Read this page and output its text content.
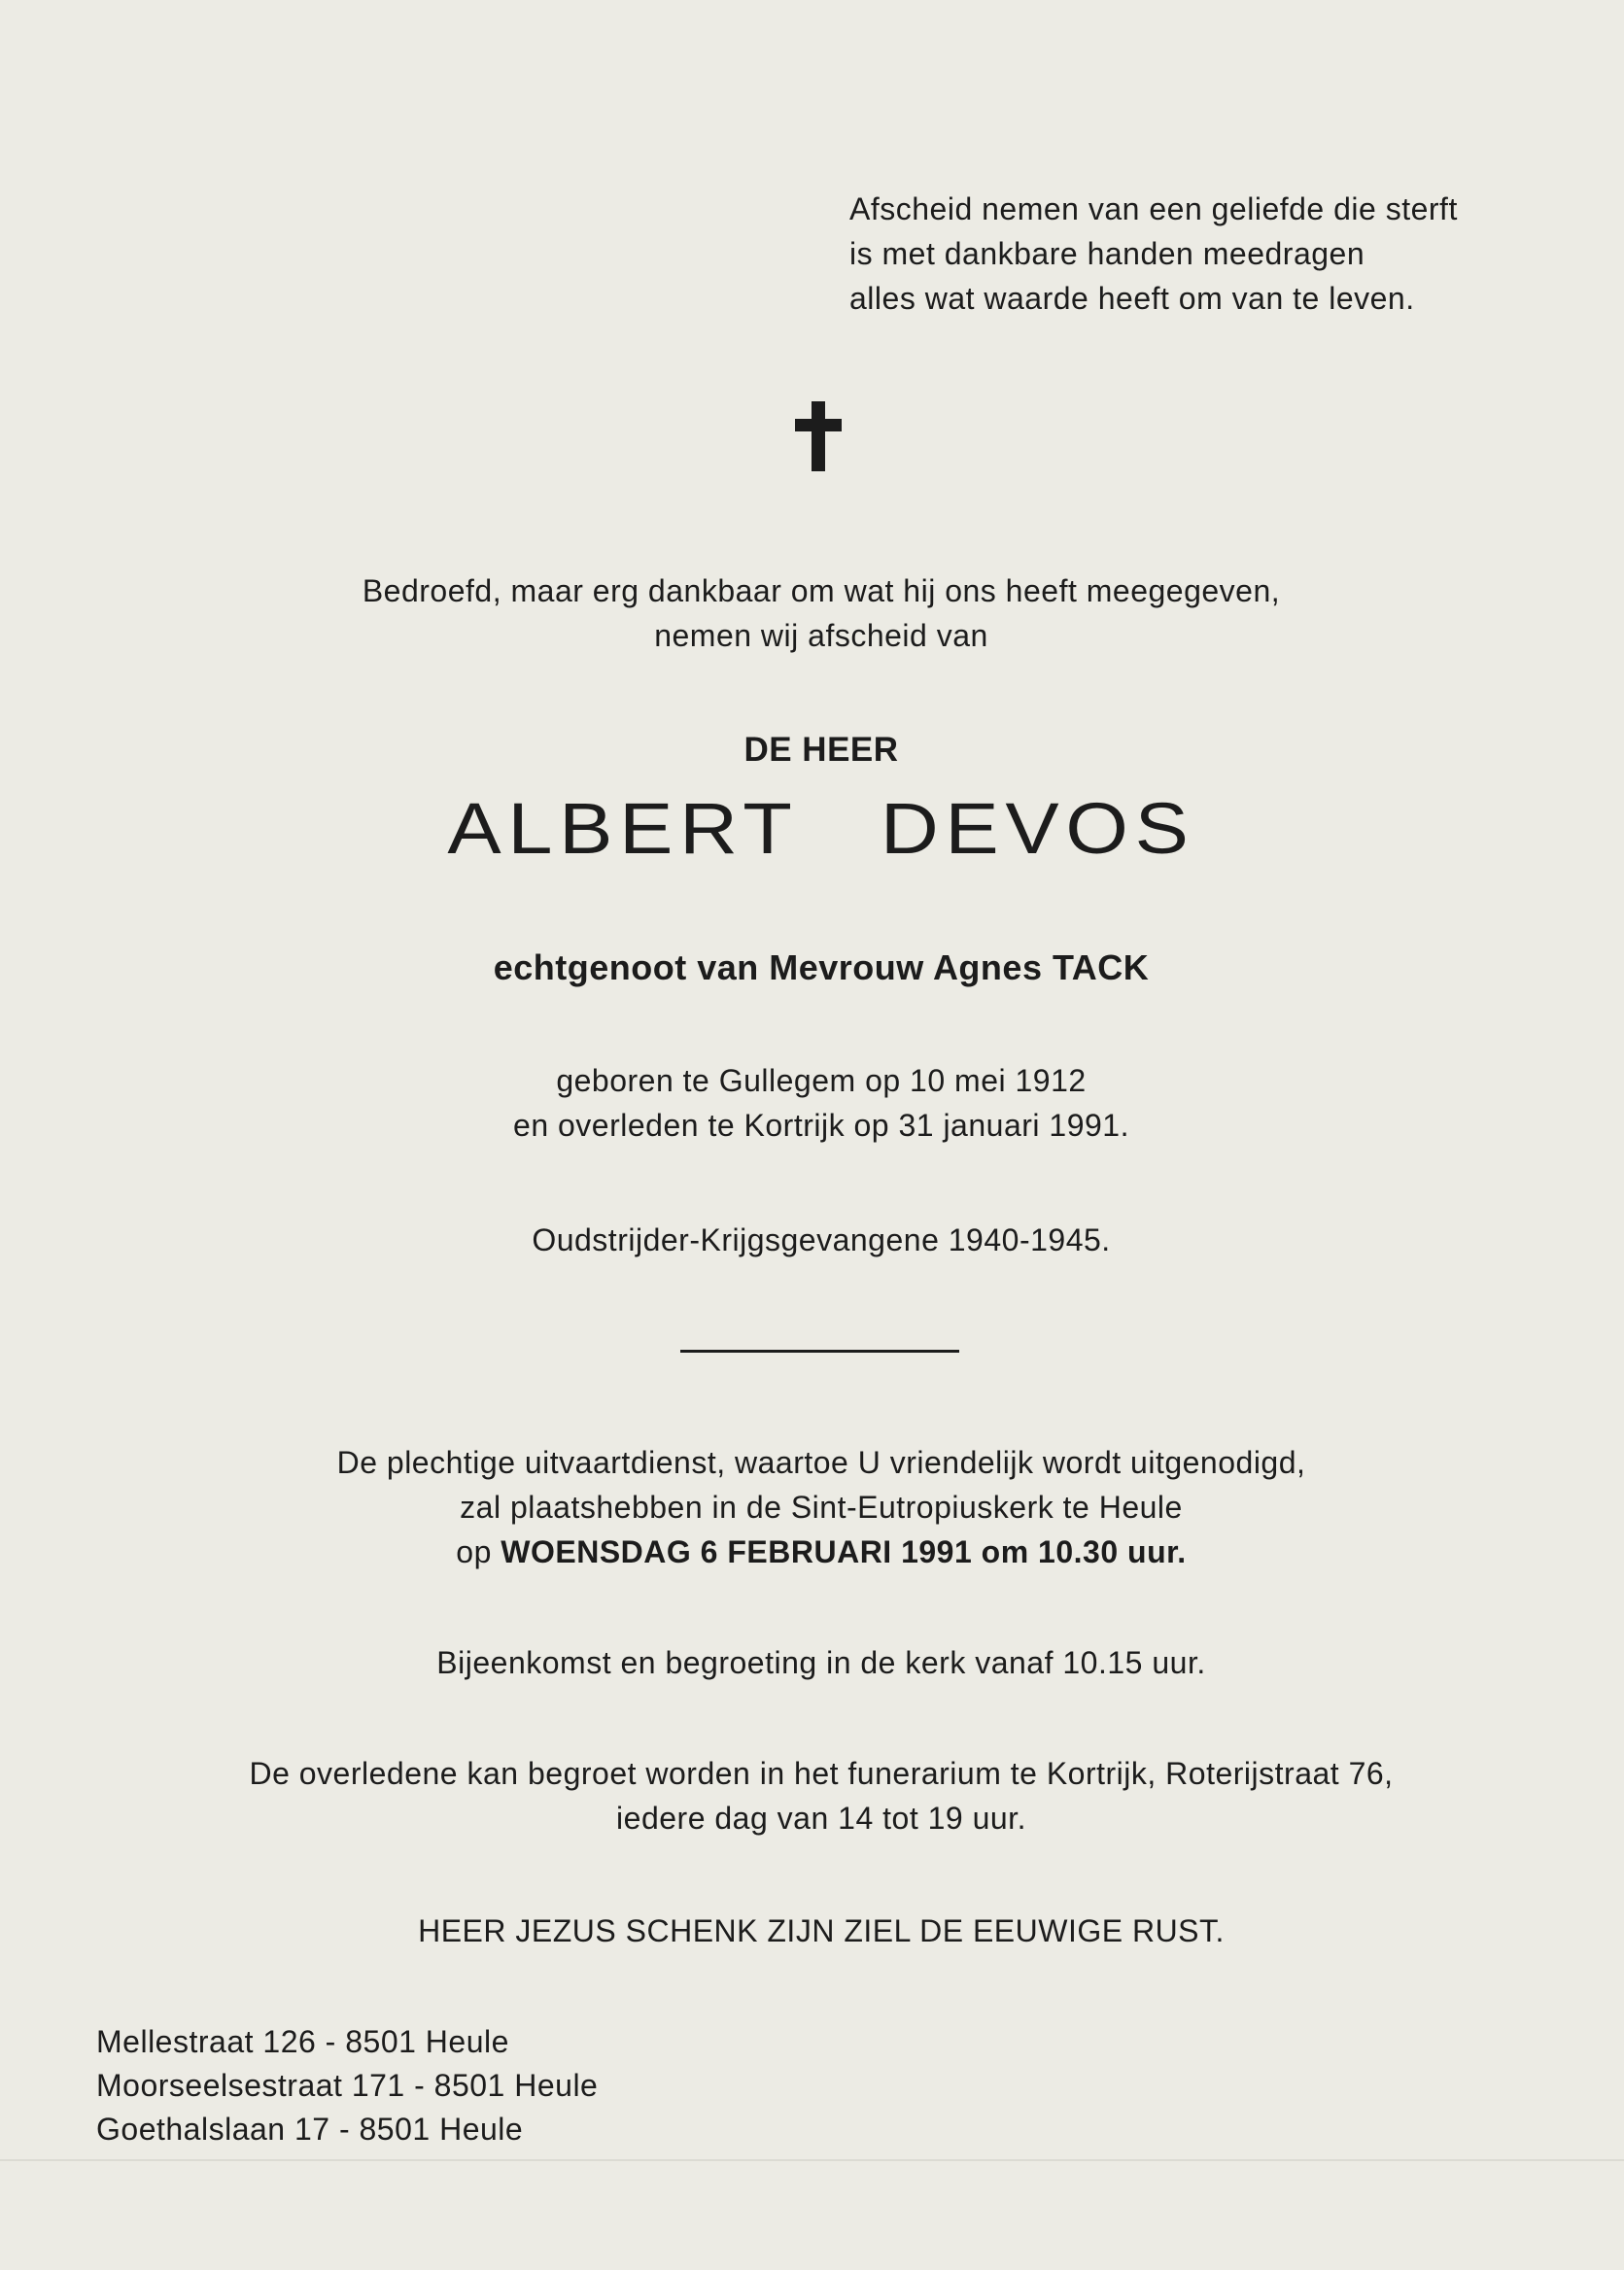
Afscheid nemen van een geliefde die sterft
is met dankbare handen meedragen
alles wat waarde heeft om van te leven.
Bedroefd, maar erg dankbaar om wat hij ons heeft meegegeven,
nemen wij afscheid van
DE HEER
ALBERT DEVOS
echtgenoot van Mevrouw Agnes TACK
geboren te Gullegem op 10 mei 1912
en overleden te Kortrijk op 31 januari 1991.
Oudstrijder-Krijgsgevangene 1940-1945.
De plechtige uitvaartdienst, waartoe U vriendelijk wordt uitgenodigd,
zal plaatshebben in de Sint-Eutropiuskerk te Heule
op WOENSDAG 6 FEBRUARI 1991 om 10.30 uur.
Bijeenkomst en begroeting in de kerk vanaf 10.15 uur.
De overledene kan begroet worden in het funerarium te Kortrijk, Roterijstraat 76,
iedere dag van 14 tot 19 uur.
HEER JEZUS SCHENK ZIJN ZIEL DE EEUWIGE RUST.
Mellestraat 126 - 8501 Heule
Moorseelsestraat 171 - 8501 Heule
Goethalslaan 17 - 8501 Heule
